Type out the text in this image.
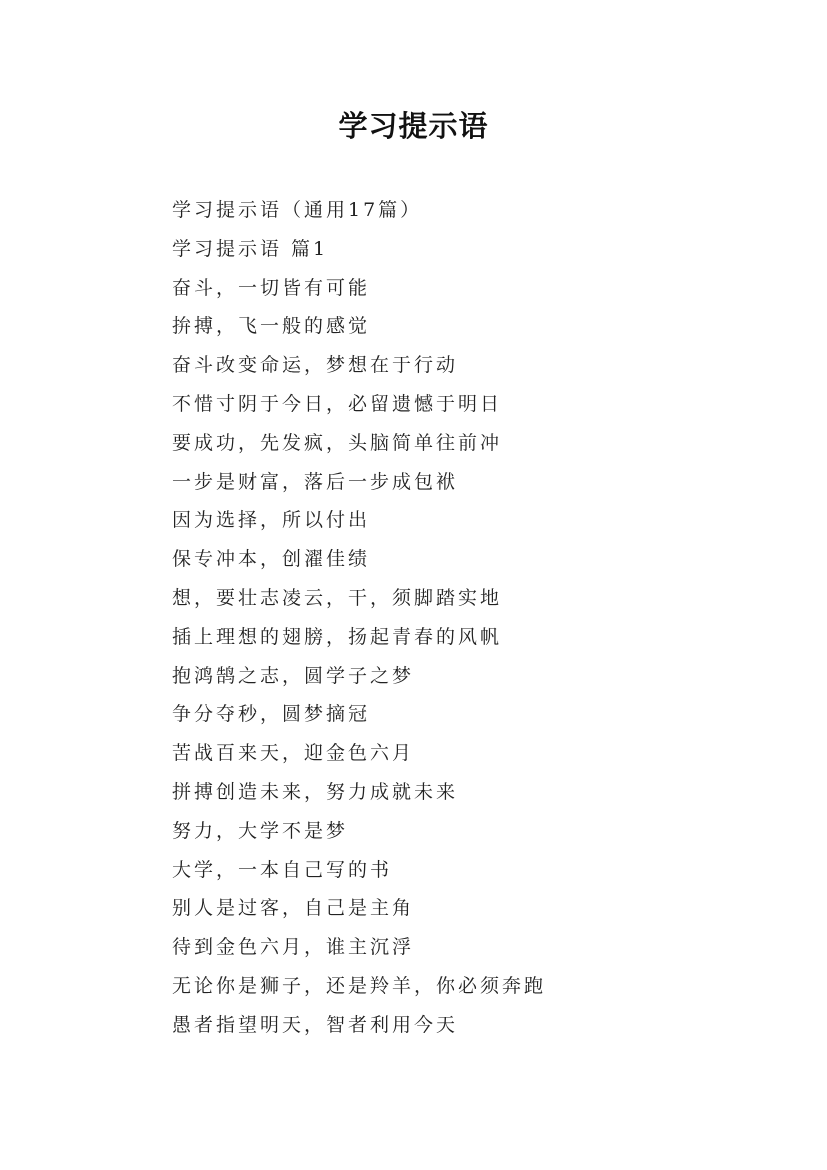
学习提示语
学习提示语（通用17篇）
学习提示语 篇1
奋斗，一切皆有可能
拚搏，飞一般的感觉
奋斗改变命运，梦想在于行动
不惜寸阴于今日，必留遗憾于明日
要成功，先发疯，头脑简单往前冲
一步是财富，落后一步成包袱
因为选择，所以付出
保专冲本，创濯佳绩
想，要壮志凌云，干，须脚踏实地
插上理想的翅膀，扬起青春的风帆
抱鸿鹄之志，圆学子之梦
争分夺秒，圆梦摘冠
苦战百来天，迎金色六月
拼搏创造未来，努力成就未来
努力，大学不是梦
大学，一本自己写的书
别人是过客，自己是主角
待到金色六月，谁主沉浮
无论你是狮子，还是羚羊，你必须奔跑
愚者指望明天，智者利用今天
